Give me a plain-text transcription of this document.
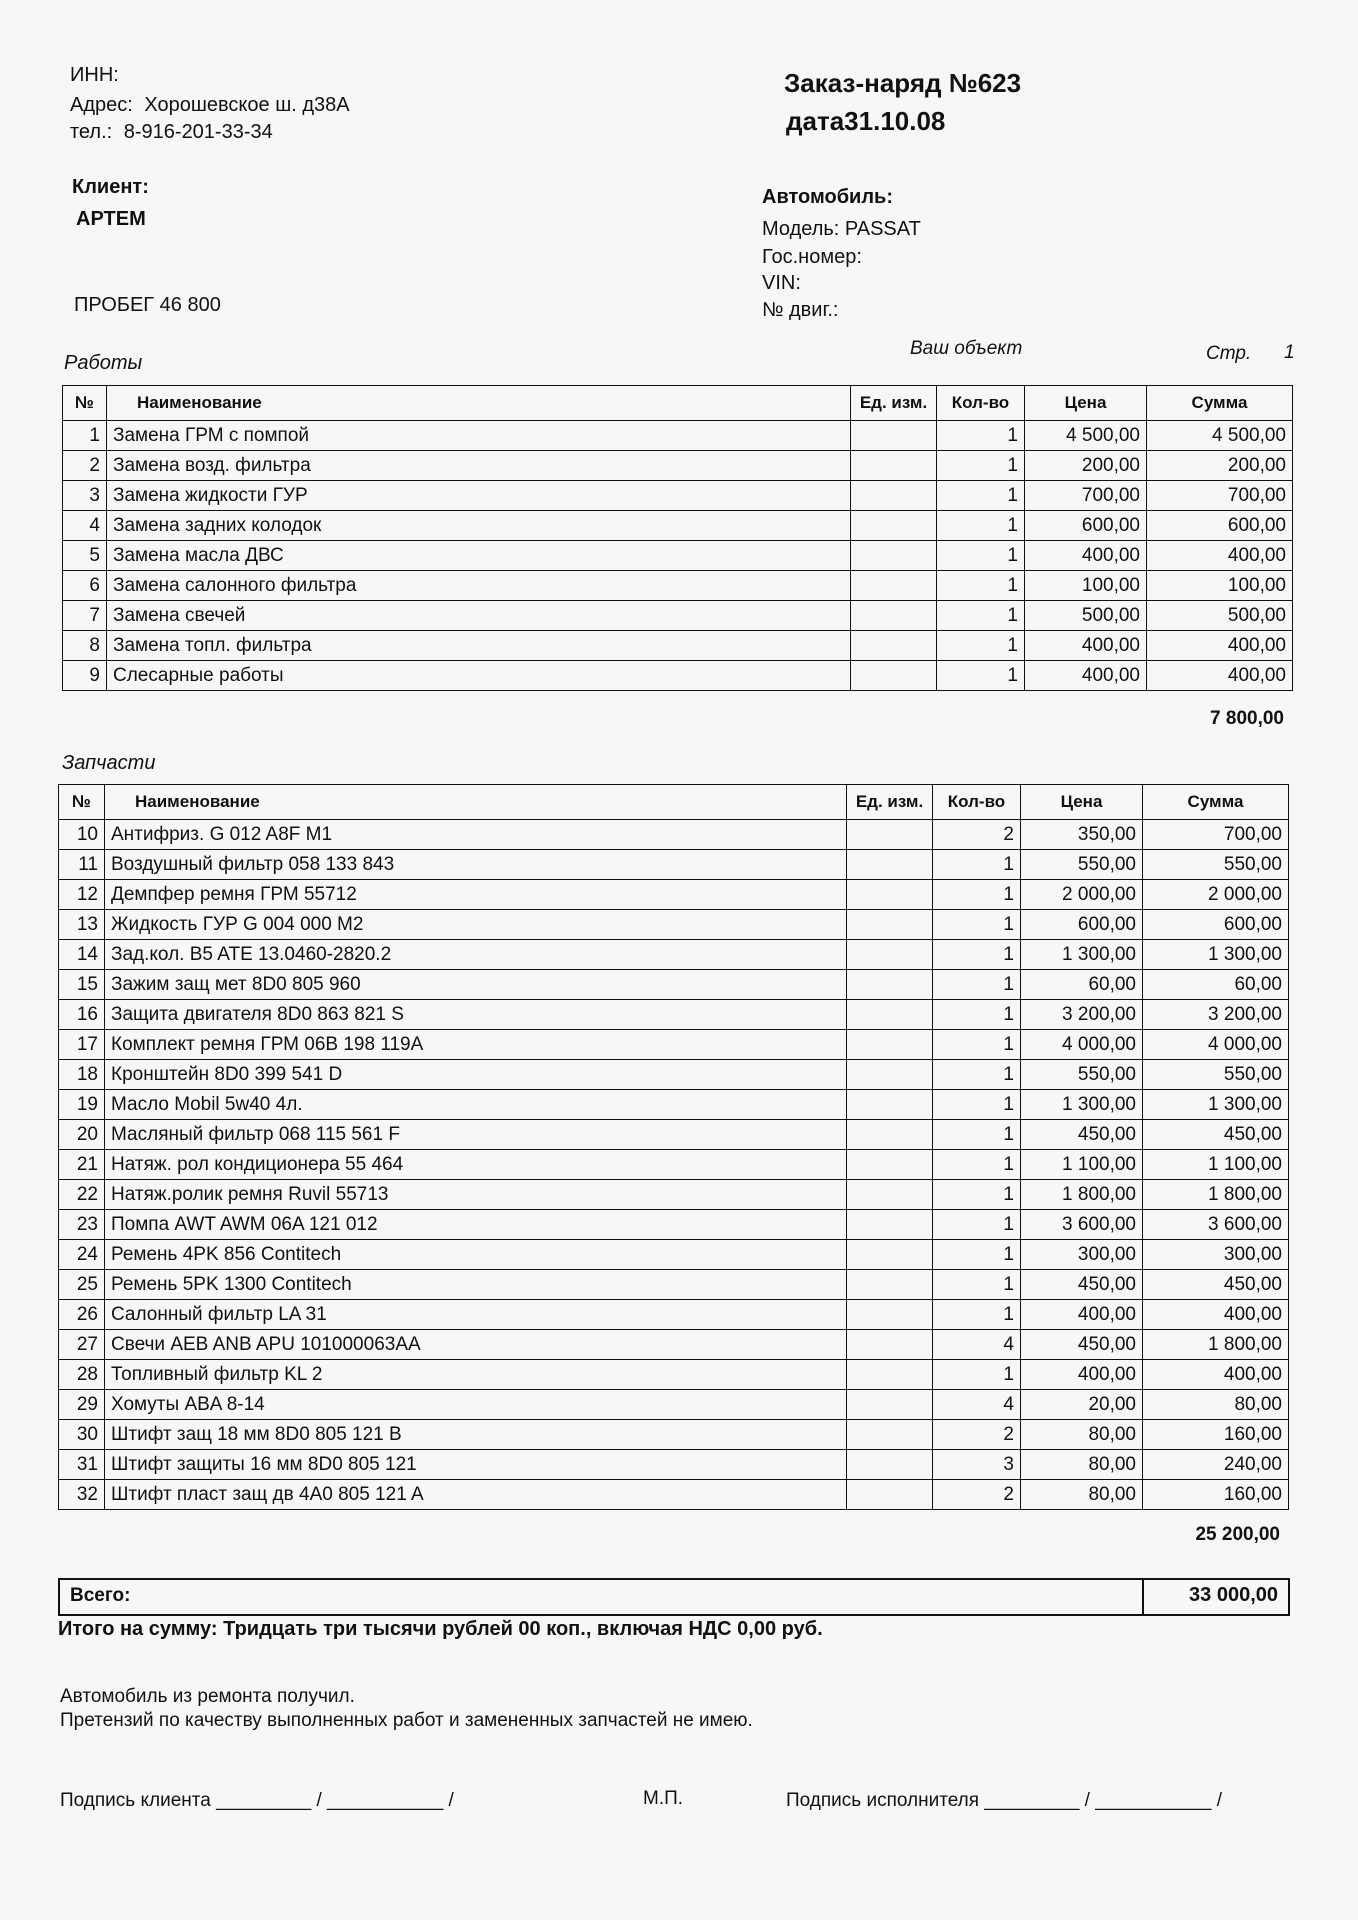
ИНН:
Адрес: Хорошевское ш. д38А
тел.: 8-916-201-33-34
Клиент:
АРТЕМ
ПРОБЕГ 46 800
Заказ-наряд №623
дата31.10.08
Автомобиль:
Модель: PASSAT
Гос.номер:
VIN:
№ двиг.:
Ваш объект	Стр. 1
Работы
№	Наименование	Ед. изм.	Кол-во	Цена	Сумма
1	Замена ГРМ с помпой		1	4 500,00	4 500,00
2	Замена возд. фильтра		1	200,00	200,00
3	Замена жидкости ГУР		1	700,00	700,00
4	Замена задних колодок		1	600,00	600,00
5	Замена масла ДВС		1	400,00	400,00
6	Замена салонного фильтра		1	100,00	100,00
7	Замена свечей		1	500,00	500,00
8	Замена топл. фильтра		1	400,00	400,00
9	Слесарные работы		1	400,00	400,00
7 800,00
Запчасти
№	Наименование	Ед. изм.	Кол-во	Цена	Сумма
10	Антифриз. G 012 A8F M1		2	350,00	700,00
11	Воздушный фильтр 058 133 843		1	550,00	550,00
12	Демпфер ремня ГРМ 55712		1	2 000,00	2 000,00
13	Жидкость ГУР G 004 000 M2		1	600,00	600,00
14	Зад.кол. B5 ATE 13.0460-2820.2		1	1 300,00	1 300,00
15	Зажим защ мет 8D0 805 960		1	60,00	60,00
16	Защита двигателя 8D0 863 821 S		1	3 200,00	3 200,00
17	Комплект ремня ГРМ 06B 198 119A		1	4 000,00	4 000,00
18	Кронштейн 8D0 399 541 D		1	550,00	550,00
19	Масло Mobil 5w40 4л.		1	1 300,00	1 300,00
20	Масляный фильтр 068 115 561 F		1	450,00	450,00
21	Натяж. рол кондиционера 55 464		1	1 100,00	1 100,00
22	Натяж.ролик ремня Ruvil 55713		1	1 800,00	1 800,00
23	Помпа AWT AWM 06A 121 012		1	3 600,00	3 600,00
24	Ремень 4PK 856 Contitech		1	300,00	300,00
25	Ремень 5PK 1300 Contitech		1	450,00	450,00
26	Салонный фильтр LA 31		1	400,00	400,00
27	Свечи AEB ANB APU 101000063AA		4	450,00	1 800,00
28	Топливный фильтр KL 2		1	400,00	400,00
29	Хомуты ABA 8-14		4	20,00	80,00
30	Штифт защ 18 мм 8D0 805 121 B		2	80,00	160,00
31	Штифт защиты 16 мм 8D0 805 121		3	80,00	240,00
32	Штифт пласт защ дв 4A0 805 121 A		2	80,00	160,00
25 200,00
Всего:	33 000,00
Итого на сумму: Тридцать три тысячи рублей 00 коп., включая НДС 0,00 руб.
Автомобиль из ремонта получил.
Претензий по качеству выполненных работ и замененных запчастей не имею.
Подпись клиента _________ / ___________ /	М.П.	Подпись исполнителя _________ / ___________ /
